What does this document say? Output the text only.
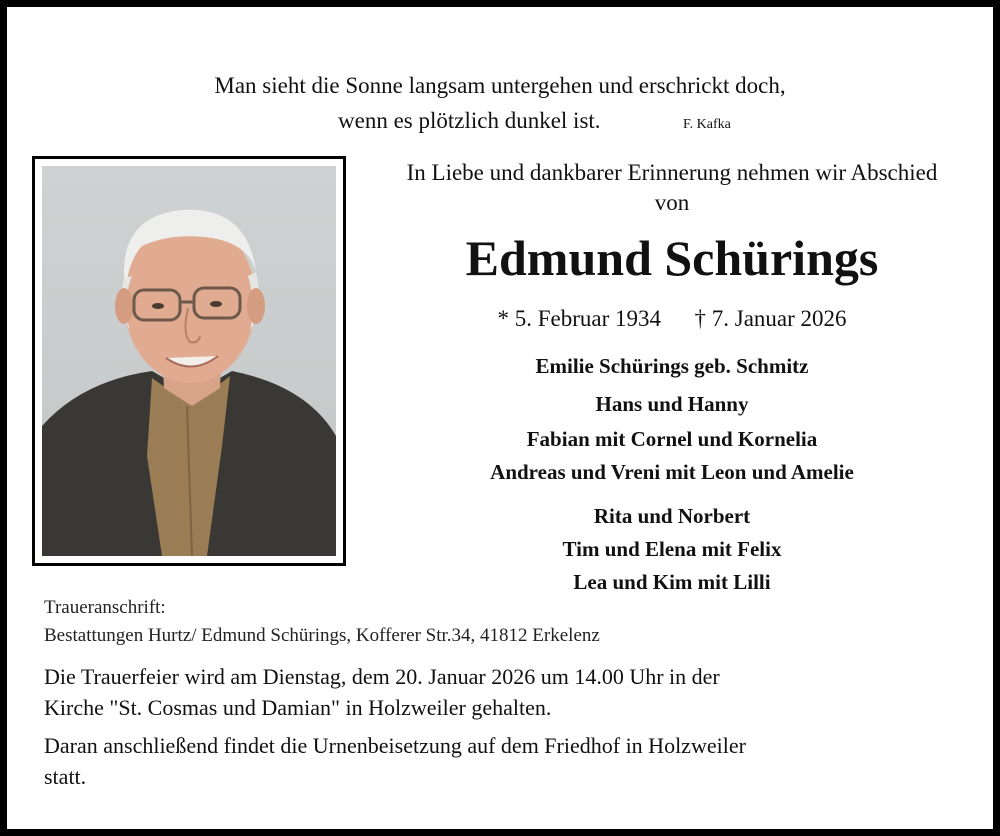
Man sieht die Sonne langsam untergehen und erschrickt doch,
wenn es plötzlich dunkel ist.	F. Kafka
In Liebe und dankbarer Erinnerung nehmen wir Abschied von
Edmund Schürings
* 5. Februar 1934 † 7. Januar 2026
Emilie Schürings geb. Schmitz
Hans und Hanny
Fabian mit Cornel und Kornelia
Andreas und Vreni mit Leon und Amelie
Rita und Norbert
Tim und Elena mit Felix
Lea und Kim mit Lilli
Traueranschrift:
Bestattungen Hurtz/ Edmund Schürings, Kofferer Str.34, 41812 Erkelenz
Die Trauerfeier wird am Dienstag, dem 20. Januar 2026 um 14.00 Uhr in der
Kirche "St. Cosmas und Damian" in Holzweiler gehalten.
Daran anschließend findet die Urnenbeisetzung auf dem Friedhof in Holzweiler
statt.
